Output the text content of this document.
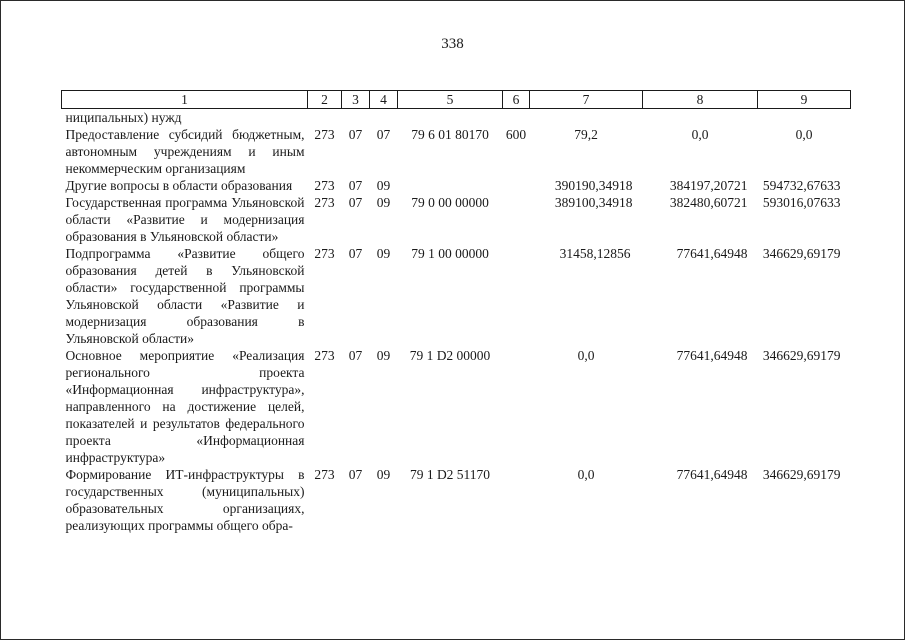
338
1	2	3	4	5	6	7	8	9
ниципальных) нужд								
Предоставление субсидий бюджетным, автономным учреждениям и иным некоммерческим организациям	273	07	07	79 6 01 80170	600	79,2	0,0	0,0
Другие вопросы в области образования	273	07	09			390190,34918	384197,20721	594732,67633
Государственная программа Ульяновской области «Развитие и модернизация образования в Ульяновской области»	273	07	09	79 0 00 00000		389100,34918	382480,60721	593016,07633
Подпрограмма «Развитие общего образования детей в Ульяновской области» государственной программы Ульяновской области «Развитие и модернизация образования в Ульяновской области»	273	07	09	79 1 00 00000		31458,12856	77641,64948	346629,69179
Основное мероприятие «Реализация регионального проекта «Информационная инфраструктура», направленного на достижение целей, показателей и результатов федерального проекта «Информационная инфраструктура»	273	07	09	79 1 D2 00000		0,0	77641,64948	346629,69179
Формирование ИТ-инфраструктуры в государственных (муниципальных) образовательных организациях, реализующих программы общего обра-	273	07	09	79 1 D2 51170		0,0	77641,64948	346629,69179
